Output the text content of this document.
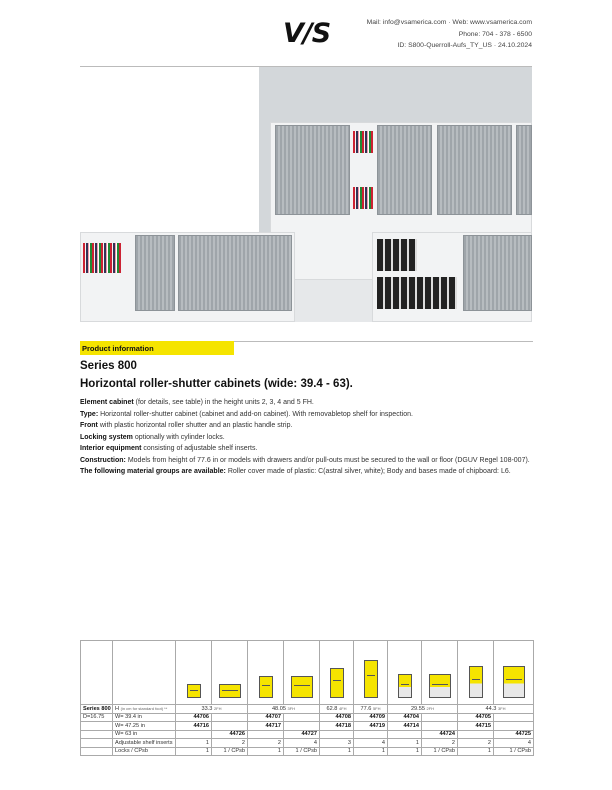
V/S	Mail: info@vsamerica.com · Web: www.vsamerica.com
Phone: 704 - 378 - 6500
ID: S800-Querroll-Aufs_TY_US · 24.10.2024
Product information
Series 800
Horizontal roller-shutter cabinets (wide: 39.4 - 63).

Element cabinet (for details, see table) in the height units 2, 3, 4 and 5 FH.

Type: Horizontal roller-shutter cabinet (cabinet and add-on cabinet). With removabletop shelf for inspection.

Front with plastic horizontal roller shutter and an plastic handle strip.

Locking system optionally with cylinder locks.

Interior equipment consisting of adjustable shelf inserts.

Construction: Models from height of 77.6 in or models with drawers and/or pull-outs must be secured to the wall or floor (DGUV Regel 108-007).

The following material groups are available: Roller cover made of plastic: C(astral silver, white); Body and bases made of chipboard: L6.

Series 800	H (in cm for standard foot) **	33.3 2FH		48.05 3FH		62.8 4FH	77.6 5FH	29.55 2FH		44.3 3FH	
D=16.75	W= 39.4 in	44706		44707		44708	44709	44704		44705	
	W= 47.25 in	44716		44717		44718	44719	44714		44715	
	W= 63 in		44726		44727				44724		44725
	Adjustable shelf inserts	1	2	2	4	3	4	1	2	2	4
	Locks / CPsb	1	1 / CPsb	1	1 / CPsb	1	1	1	1 / CPsb	1	1 / CPsb
